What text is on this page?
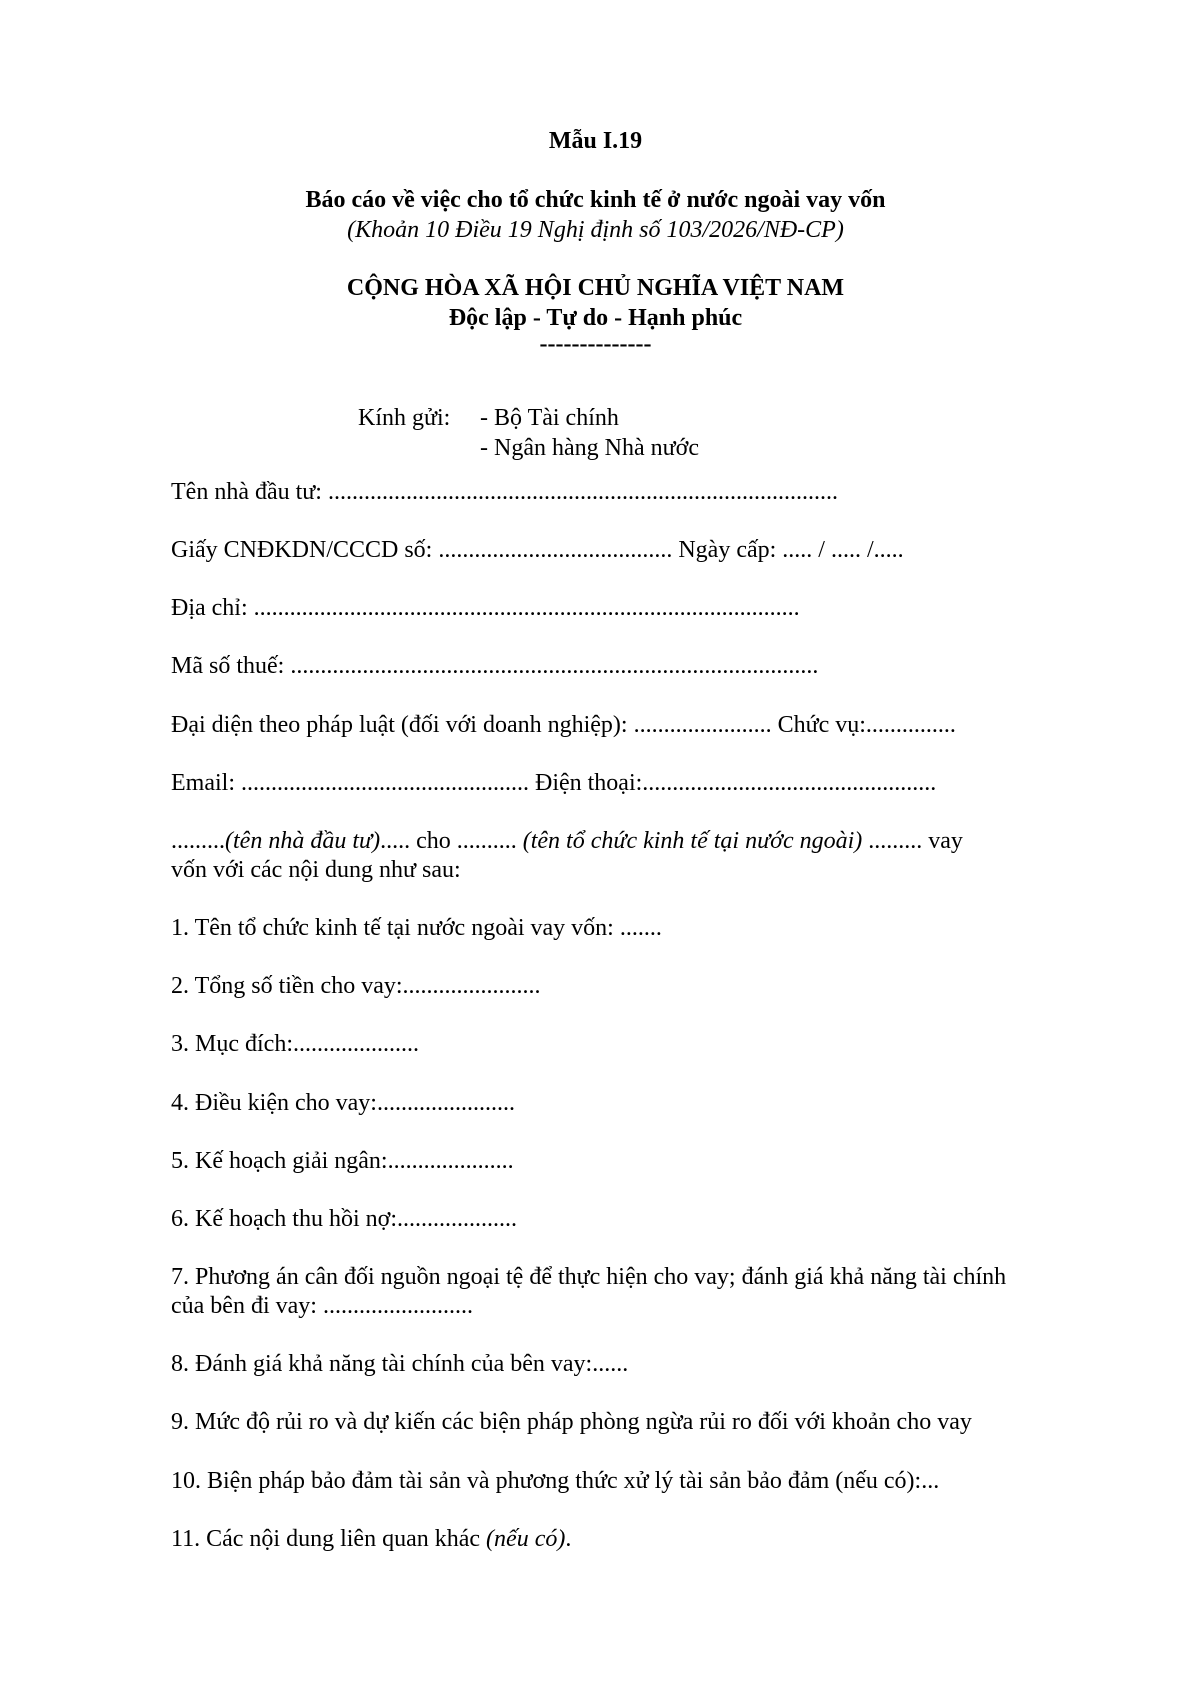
Mẫu I.19
Báo cáo về việc cho tổ chức kinh tế ở nước ngoài vay vốn
(Khoản 10 Điều 19 Nghị định số 103/2026/NĐ-CP)
CỘNG HÒA XÃ HỘI CHỦ NGHĨA VIỆT NAM
Độc lập - Tự do - Hạnh phúc
--------------
Kính gửi: - Bộ Tài chính
- Ngân hàng Nhà nước
Tên nhà đầu tư: .....................................................................................
Giấy CNĐKDN/CCCD số: ....................................... Ngày cấp: ..... / ..... /.....
Địa chỉ: ...........................................................................................
Mã số thuế: ........................................................................................
Đại diện theo pháp luật (đối với doanh nghiệp): ....................... Chức vụ:...............
Email: ................................................ Điện thoại:.................................................
.........(tên nhà đầu tư)..... cho .......... (tên tổ chức kinh tế tại nước ngoài) ......... vay
vốn với các nội dung như sau:
1. Tên tổ chức kinh tế tại nước ngoài vay vốn: .......
2. Tổng số tiền cho vay:.......................
3. Mục đích:.....................
4. Điều kiện cho vay:.......................
5. Kế hoạch giải ngân:.....................
6. Kế hoạch thu hồi nợ:....................
7. Phương án cân đối nguồn ngoại tệ để thực hiện cho vay; đánh giá khả năng tài chính
của bên đi vay: .........................
8. Đánh giá khả năng tài chính của bên vay:......
9. Mức độ rủi ro và dự kiến các biện pháp phòng ngừa rủi ro đối với khoản cho vay
10. Biện pháp bảo đảm tài sản và phương thức xử lý tài sản bảo đảm (nếu có):...
11. Các nội dung liên quan khác (nếu có).
